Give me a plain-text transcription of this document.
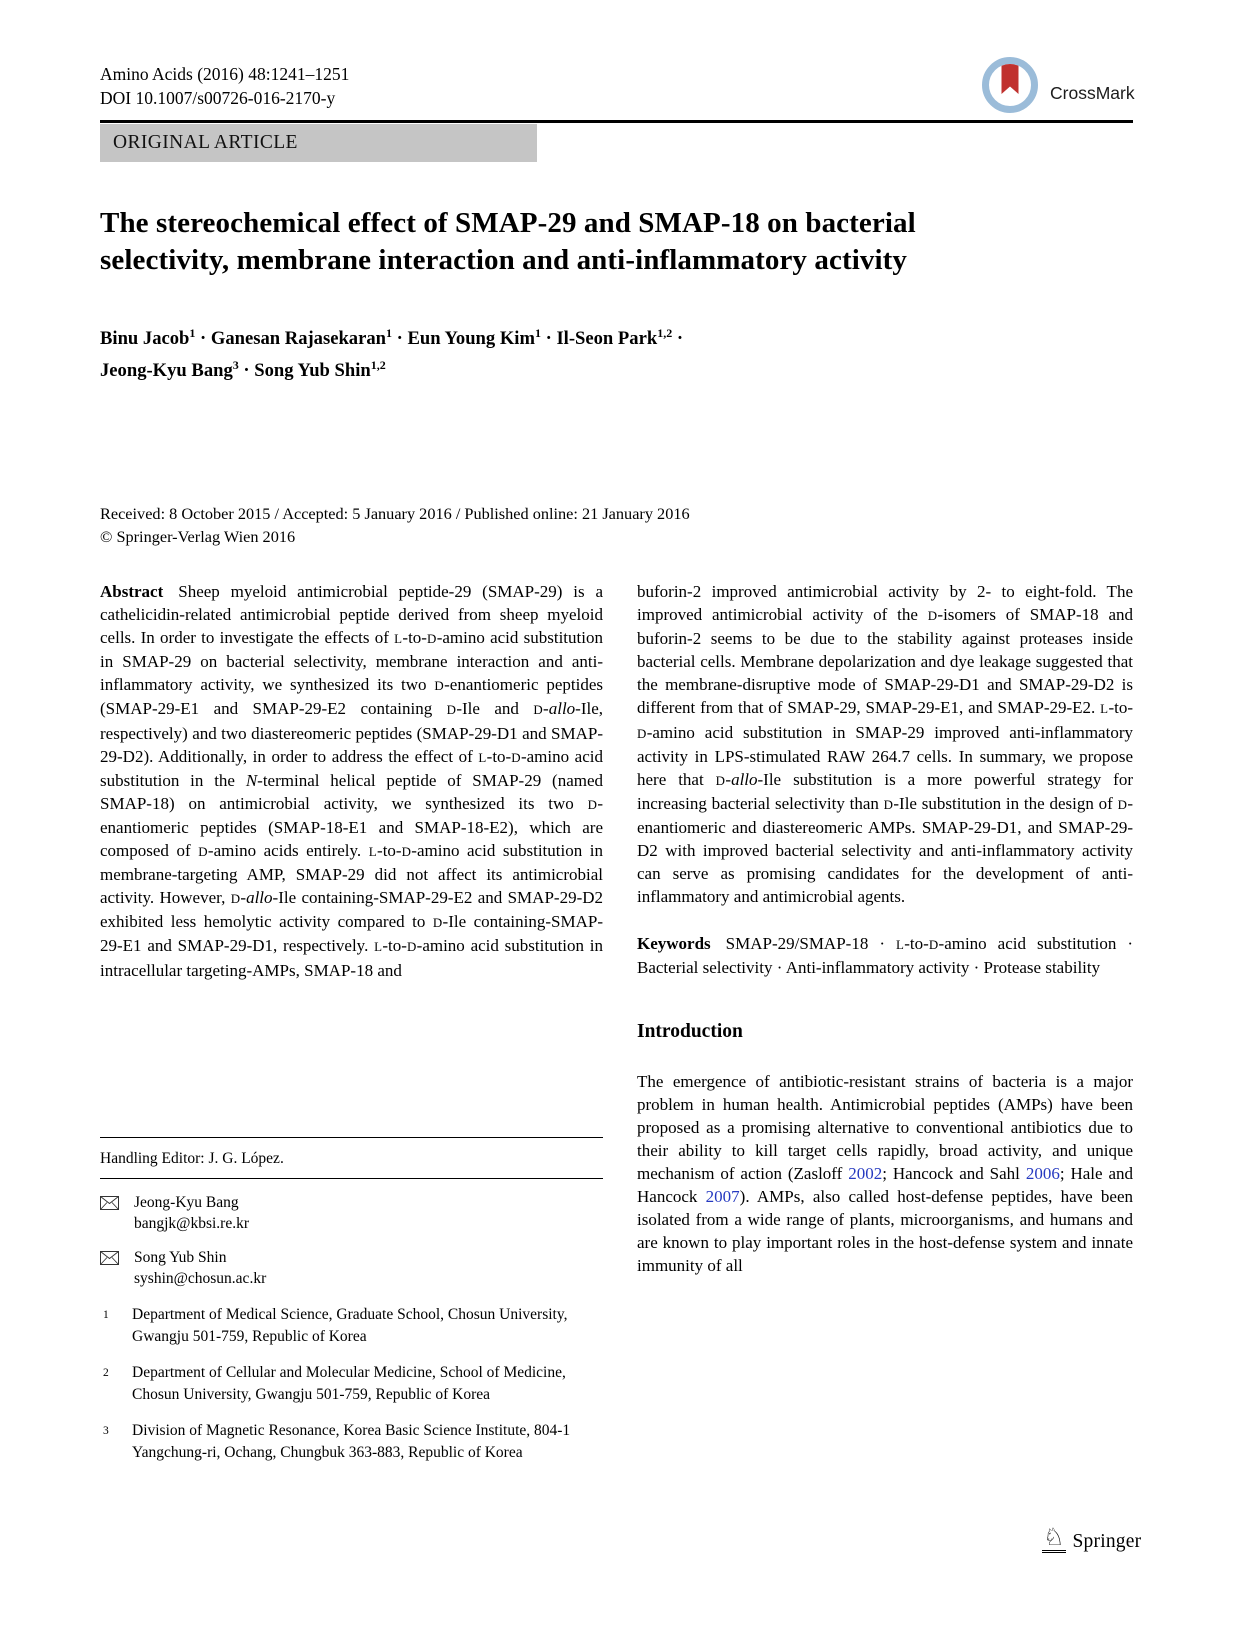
Amino Acids (2016) 48:1241–1251
DOI 10.1007/s00726-016-2170-y	CrossMark
ORIGINAL ARTICLE
The stereochemical effect of SMAP-29 and SMAP-18 on bacterial selectivity, membrane interaction and anti-inflammatory activity
Binu Jacob$^1$ · Ganesan Rajasekaran$^1$ · Eun Young Kim$^1$ · Il-Seon Park$^{1,2}$ ·
Jeong-Kyu Bang$^3$ · Song Yub Shin$^{1,2}$
Received: 8 October 2015 / Accepted: 5 January 2016 / Published online: 21 January 2016
© Springer-Verlag Wien 2016

Abstract Sheep myeloid antimicrobial peptide-29 (SMAP-29) is a cathelicidin-related antimicrobial peptide derived from sheep myeloid cells. In order to investigate the effects of L-to-D-amino acid substitution in SMAP-29 on bacterial selectivity, membrane interaction and anti-inflammatory activity, we synthesized its two D-enantiomeric peptides (SMAP-29-E1 and SMAP-29-E2 containing D-Ile and D-allo-Ile, respectively) and two diastereomeric peptides (SMAP-29-D1 and SMAP-29-D2). Additionally, in order to address the effect of L-to-D-amino acid substitution in the N-terminal helical peptide of SMAP-29 (named SMAP-18) on antimicrobial activity, we synthesized its two D-enantiomeric peptides (SMAP-18-E1 and SMAP-18-E2), which are composed of D-amino acids entirely. L-to-D-amino acid substitution in membrane-targeting AMP, SMAP-29 did not affect its antimicrobial activity. However, D-allo-Ile containing-SMAP-29-E2 and SMAP-29-D2 exhibited less hemolytic activity compared to D-Ile containing-SMAP-29-E1 and SMAP-29-D1, respectively. L-to-D-amino acid substitution in intracellular targeting-AMPs, SMAP-18 and

buforin-2 improved antimicrobial activity by 2- to eight-fold. The improved antimicrobial activity of the D-isomers of SMAP-18 and buforin-2 seems to be due to the stability against proteases inside bacterial cells. Membrane depolarization and dye leakage suggested that the membrane-disruptive mode of SMAP-29-D1 and SMAP-29-D2 is different from that of SMAP-29, SMAP-29-E1, and SMAP-29-E2. L-to-D-amino acid substitution in SMAP-29 improved anti-inflammatory activity in LPS-stimulated RAW 264.7 cells. In summary, we propose here that D-allo-Ile substitution is a more powerful strategy for increasing bacterial selectivity than D-Ile substitution in the design of D-enantiomeric and diastereomeric AMPs. SMAP-29-D1, and SMAP-29-D2 with improved bacterial selectivity and anti-inflammatory activity can serve as promising candidates for the development of anti-inflammatory and antimicrobial agents.

Keywords SMAP-29/SMAP-18 · L-to-D-amino acid substitution · Bacterial selectivity · Anti-inflammatory activity · Protease stability

Introduction

The emergence of antibiotic-resistant strains of bacteria is a major problem in human health. Antimicrobial peptides (AMPs) have been proposed as a promising alternative to conventional antibiotics due to their ability to kill target cells rapidly, broad activity, and unique mechanism of action (Zasloff 2002; Hancock and Sahl 2006; Hale and Hancock 2007). AMPs, also called host-defense peptides, have been isolated from a wide range of plants, microorganisms, and humans and are known to play important roles in the host-defense system and innate immunity of all

Handling Editor: J. G. López.

Jeong-Kyu Bang
bangjk@kbsi.re.kr
Song Yub Shin
syshin@chosun.ac.kr
1	Department of Medical Science, Graduate School, Chosun University, Gwangju 501-759, Republic of Korea
2	Department of Cellular and Molecular Medicine, School of Medicine, Chosun University, Gwangju 501-759, Republic of Korea
3	Division of Magnetic Resonance, Korea Basic Science Institute, 804-1 Yangchung-ri, Ochang, Chungbuk 363-883, Republic of Korea
♘ Springer
